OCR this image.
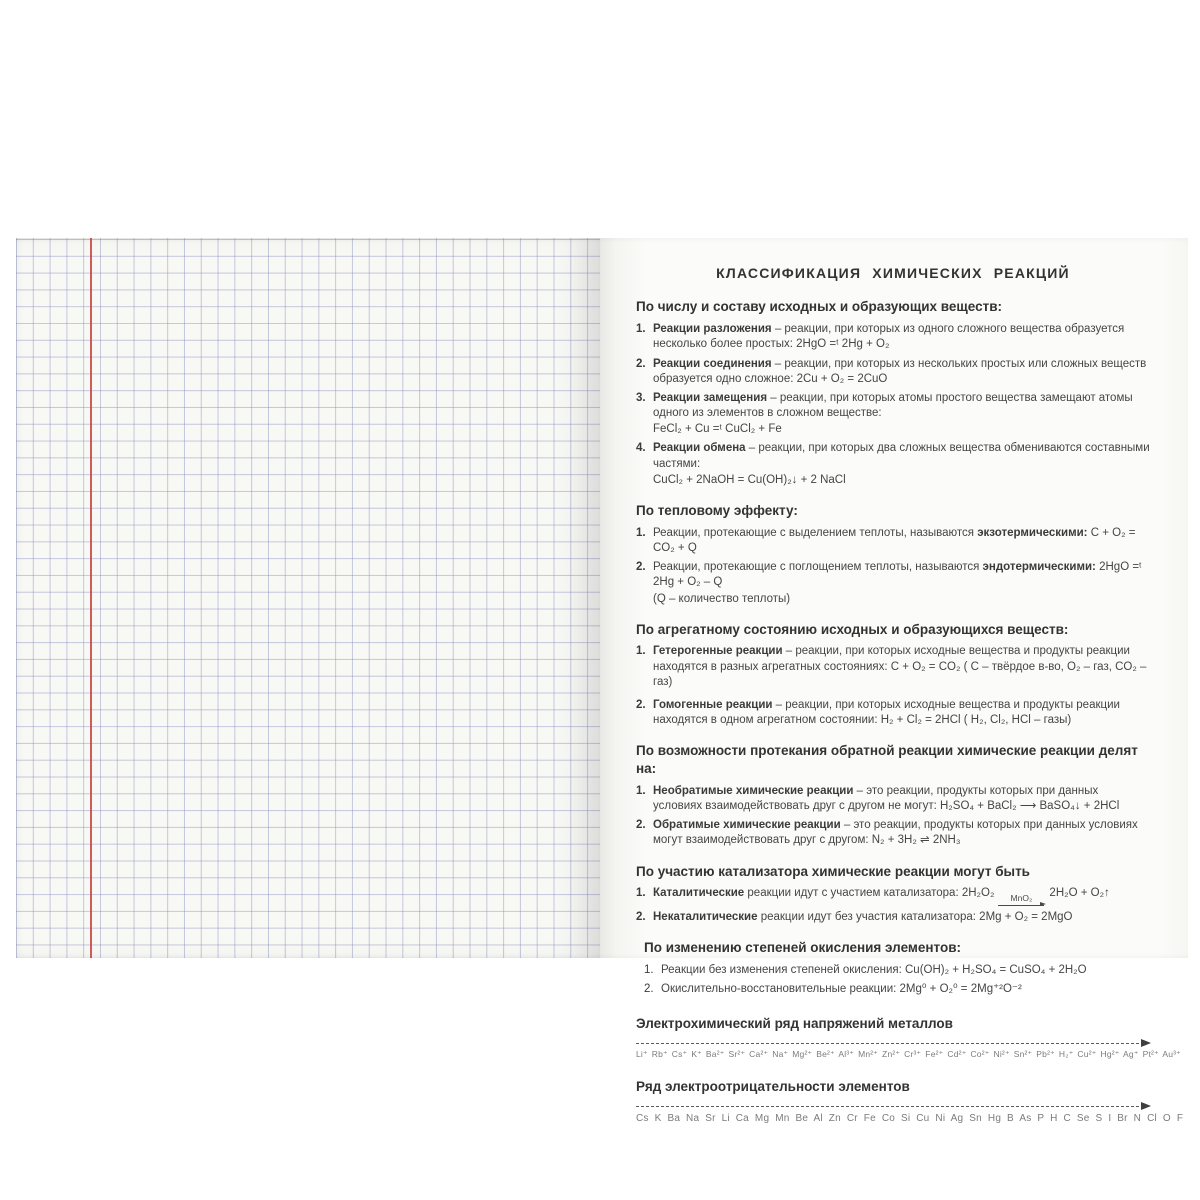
КЛАССИФИКАЦИЯ ХИМИЧЕСКИХ РЕАКЦИЙ
По числу и составу исходных и образующих веществ:
1. Реакции разложения – реакции, при которых из одного сложного вещества образуется несколько более простых: 2HgO =ᵗ 2Hg + O₂
2. Реакции соединения – реакции, при которых из нескольких простых или сложных веществ образуется одно сложное: 2Cu + O₂ = 2CuO
3. Реакции замещения – реакции, при которых атомы простого вещества замещают атомы одного из элементов в сложном веществе:
FeCl₂ + Cu =ᵗ CuCl₂ + Fe
4. Реакции обмена – реакции, при которых два сложных вещества обмениваются составными частями:
CuCl₂ + 2NaOH = Cu(OH)₂↓ + 2 NaCl
По тепловому эффекту:
1. Реакции, протекающие с выделением теплоты, называются экзотермическими: C + O₂ = CO₂ + Q
2. Реакции, протекающие с поглощением теплоты, называются эндотермическими: 2HgO =ᵗ 2Hg + O₂ – Q
(Q – количество теплоты)
По агрегатному состоянию исходных и образующихся веществ:
1. Гетерогенные реакции – реакции, при которых исходные вещества и продукты реакции находятся в разных агрегатных состояниях: C + O₂ = CO₂ ( C – твёрдое в-во, O₂ – газ, CO₂ – газ)
2. Гомогенные реакции – реакции, при которых исходные вещества и продукты реакции находятся в одном агрегатном состоянии: H₂ + Cl₂ = 2HCl ( H₂, Cl₂, HCl – газы)
По возможности протекания обратной реакции химические реакции делят на:
1. Необратимые химические реакции – это реакции, продукты которых при данных условиях взаимодействовать друг с другом не могут: H₂SO₄ + BaCl₂ ⟶ BaSO₄↓ + 2HCl
2. Обратимые химические реакции – это реакции, продукты которых при данных условиях могут взаимодействовать друг с другом: N₂ + 3H₂ ⇌ 2NH₃
По участию катализатора химические реакции могут быть
1. Каталитические реакции идут с участием катализатора: 2H₂O₂ MnO₂ 2H₂O + O₂↑
2. Некаталитические реакции идут без участия катализатора: 2Mg + O₂ = 2MgO
По изменению степеней окисления элементов:
1. Реакции без изменения степеней окисления: Cu(OH)₂ + H₂SO₄ = CuSO₄ + 2H₂O
2. Окислительно-восстановительные реакции: 2Mg⁰ + O₂⁰ = 2Mg⁺²O⁻²
Электрохимический ряд напряжений металлов
Li⁺ Rb⁺ Cs⁺ K⁺ Ba²⁺ Sr²⁺ Ca²⁺ Na⁺ Mg²⁺ Be²⁺ Al³⁺ Mn²⁺ Zn²⁺ Cr³⁺ Fe²⁺ Cd²⁺ Co²⁺ Ni²⁺ Sn²⁺ Pb²⁺ H₂⁺ Cu²⁺ Hg²⁺ Ag⁺ Pt²⁺ Au³⁺
Ряд электроотрицательности элементов
Cs K Ba Na Sr Li Ca Mg Mn Be Al Zn Cr Fe Co Si Cu Ni Ag Sn Hg B As P H C Se S I Br N Cl O F
